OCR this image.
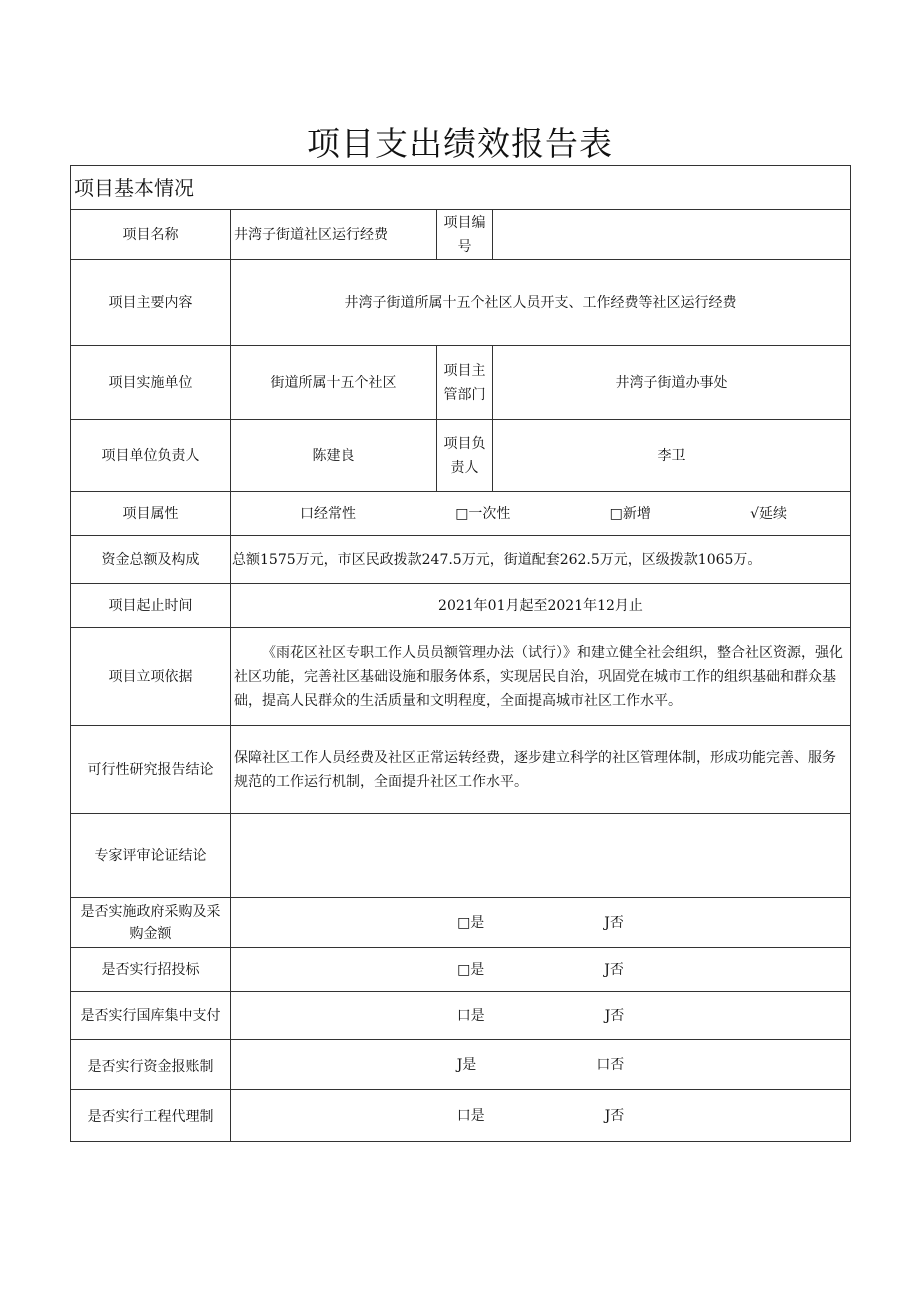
项目支出绩效报告表
项目基本情况			
项目名称	井湾子街道社区运行经费	项目编号	
项目主要内容	井湾子街道所属十五个社区人员开支、工作经费等社区运行经费		
项目实施单位	街道所属十五个社区	项目主管部门	井湾子街道办事处
项目单位负责人	陈建良	项目负责人	李卫
项目属性	口经常性 □一次性 □新增 √延续		

资金总额及构成	总额1575万元，市区民政拨款247.5万元，街道配套262.5万元，区级拨款1065万。		
项目起止时间	2021年01月起至2021年12月止		
项目立项依据	《雨花区社区专职工作人员员额管理办法（试行）》和建立健全社会组织，整合社区资源，强化社区功能，完善社区基础设施和服务体系，实现居民自治，巩固党在城市工作的组织基础和群众基础，提高人民群众的生活质量和文明程度，全面提高城市社区工作水平。		
可行性研究报告结论	保障社区工作人员经费及社区正常运转经费，逐步建立科学的社区管理体制，形成功能完善、服务规范的工作运行机制，全面提升社区工作水平。		
专家评审论证结论			
是否实施政府采购及采购金额	□是 J否		

是否实行招投标	□是 J否		

是否实行国库集中支付	口是 J否		

是否实行资金报账制	J是 口否		

是否实行工程代理制	口是 J否		
